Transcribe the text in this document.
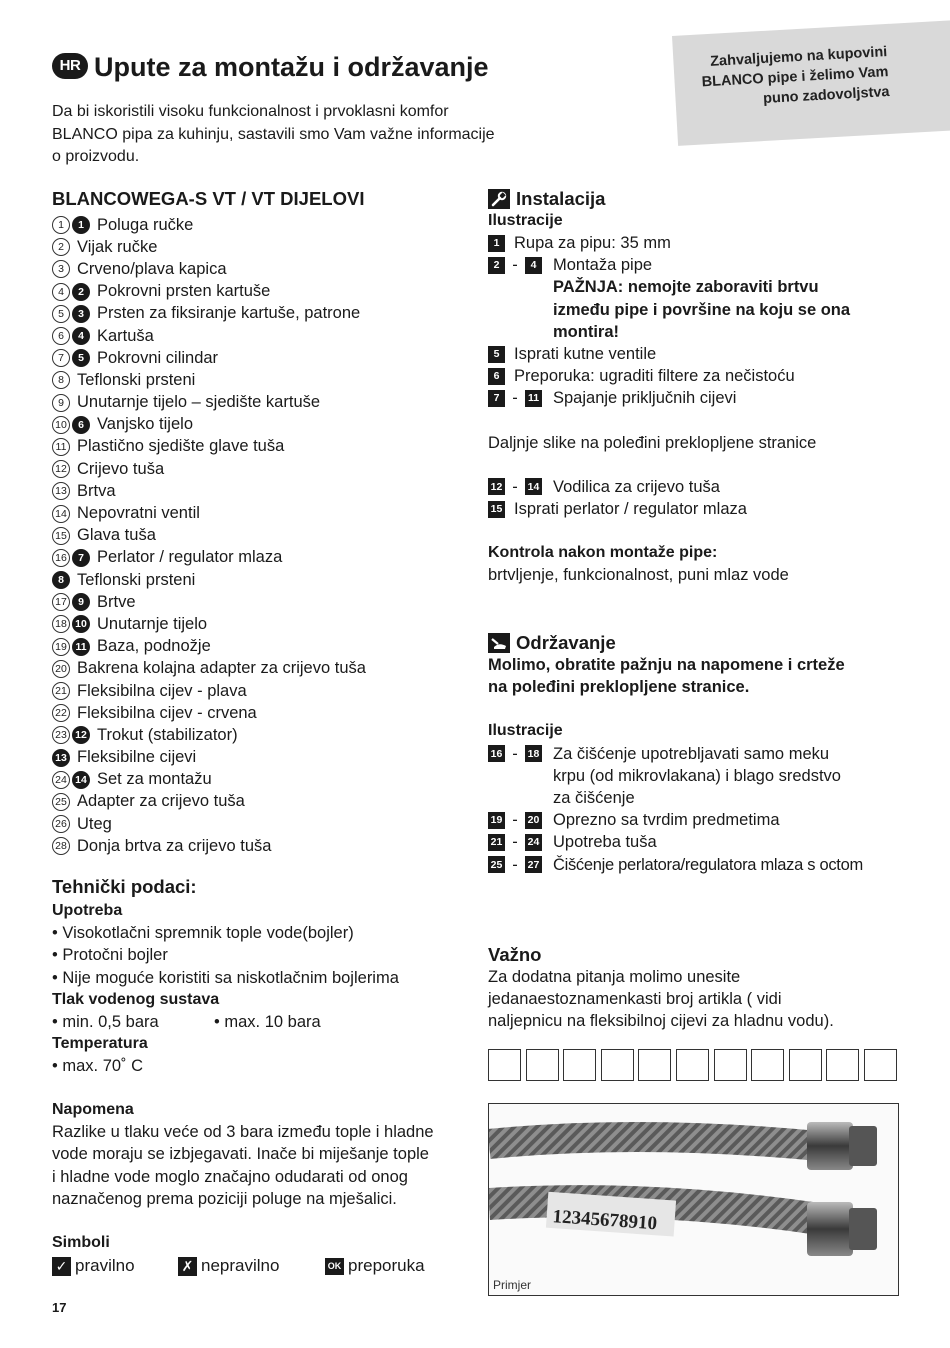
Zahvaljujemo na kupovini
BLANCO pipe i želimo Vam
puno zadovoljstva
HR Upute za montažu i održavanje
Da bi iskoristili visoku funkcionalnost i prvoklasni komfor
BLANCO pipa za kuhinju, sastavili smo Vam važne informacije
o proizvodu.
BLANCOWEGA-S VT / VT DIJELOVI
1	1 Poluga ručke
2 Vijak ručke
3 Crveno/plava kapica
4	2 Pokrovni prsten kartuše
5	3 Prsten za fiksiranje kartuše, patrone
6	4 Kartuša
7	5 Pokrovni cilindar
8 Teflonski prsteni
9 Unutarnje tijelo – sjedište kartuše
10	6 Vanjsko tijelo
11 Plastično sjedište glave tuša
12 Crijevo tuša
13 Brtva
14 Nepovratni ventil
15 Glava tuša
16	7 Perlator / regulator mlaza
8 Teflonski prsteni
17	9 Brtve
18 10 Unutarnje tijelo
19 11 Baza, podnožje
20 Bakrena kolajna adapter za crijevo tuša
21 Fleksibilna cijev - plava
22 Fleksibilna cijev - crvena
23 12 Trokut (stabilizator)
13 Fleksibilne cijevi
24 14 Set za montažu
25 Adapter za crijevo tuša
26 Uteg
28 Donja brtva za crijevo tuša
Tehnički podaci:
Upotreba
• Visokotlačni spremnik tople vode(bojler)
• Protočni bojler
• Nije moguće koristiti sa niskotlačnim bojlerima
Tlak vodenog sustava
• min. 0,5 bara	• max. 10 bara
Temperatura
• max. 70˚ C
Napomena
Razlike u tlaku veće od 3 bara između tople i hladne
vode moraju se izbjegavati. Inače bi miješanje tople
i hladne vode moglo značajno odudarati od onog
naznačenog prema poziciji poluge na mješalici.
Simboli
✓ pravilno	✗ nepravilno	OK preporuka
17
Instalacija
Ilustracije
1 Rupa za pipu: 35 mm
2 -	4	Montaža pipe
PAŽNJA: nemojte zaboraviti brtvu
između pipe i površine na koju se ona
montira!
5 Isprati kutne ventile
6 Preporuka: ugraditi filtere za nečistoću
7 - 11 Spajanje priključnih cijevi
Daljnje slike na poleđini preklopljene stranice
12 - 14 Vodilica za crijevo tuša
15 Isprati perlator / regulator mlaza
Kontrola nakon montaže pipe:
brtvljenje, funkcionalnost, puni mlaz vode
Održavanje
Molimo, obratite pažnju na napomene i crteže
na poleđini preklopljene stranice.
Ilustracije
16 - 18 Za čišćenje upotrebljavati samo meku
krpu (od mikrovlakana) i blago sredstvo
za čišćenje
19 - 20 Oprezno sa tvrdim predmetima
21 - 24 Upotreba tuša
25 - 27 Čišćenje perlatora/regulatora mlaza s octom
Važno
Za dodatna pitanja molimo unesite
jedanaestoznamenkasti broj artikla ( vidi
naljepnicu na fleksibilnoj cijevi za hladnu vodu).
12345678910
Primjer
